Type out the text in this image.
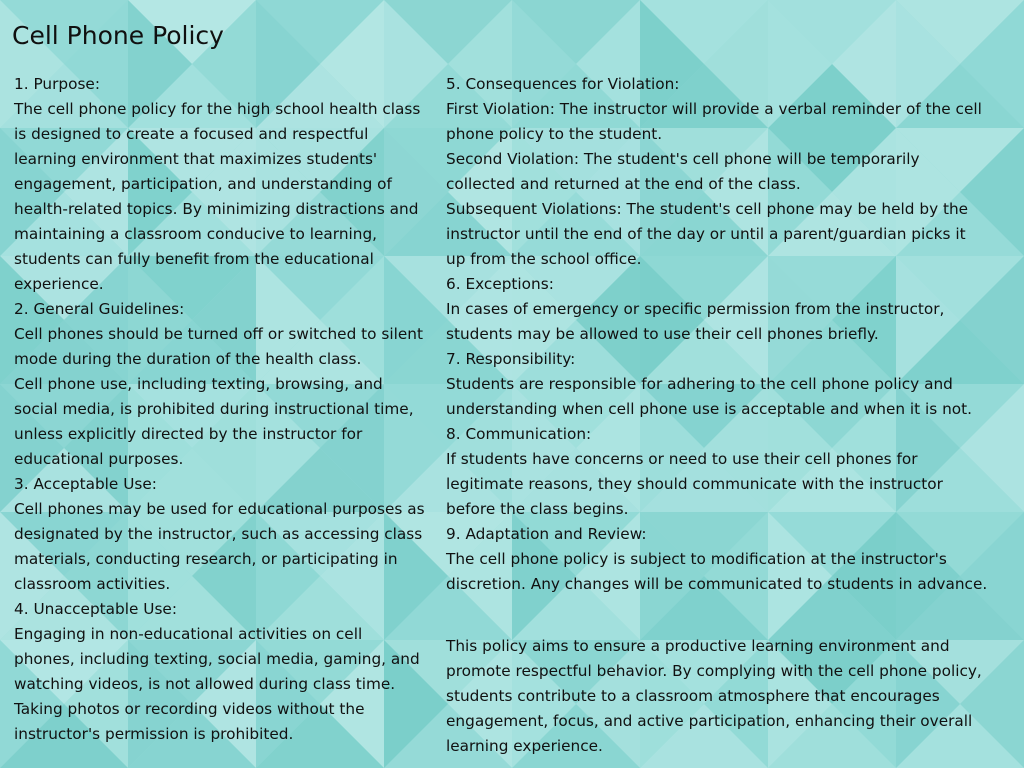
Cell Phone Policy
1. Purpose:
The cell phone policy for the high school health class
is designed to create a focused and respectful
learning environment that maximizes students'
engagement, participation, and understanding of
health-related topics. By minimizing distractions and
maintaining a classroom conducive to learning,
students can fully benefit from the educational
experience.
2. General Guidelines:
Cell phones should be turned off or switched to silent
mode during the duration of the health class.
Cell phone use, including texting, browsing, and
social media, is prohibited during instructional time,
unless explicitly directed by the instructor for
educational purposes.
3. Acceptable Use:
Cell phones may be used for educational purposes as
designated by the instructor, such as accessing class
materials, conducting research, or participating in
classroom activities.
4. Unacceptable Use:
Engaging in non-educational activities on cell
phones, including texting, social media, gaming, and
watching videos, is not allowed during class time.
Taking photos or recording videos without the
instructor's permission is prohibited.
5. Consequences for Violation:
First Violation: The instructor will provide a verbal reminder of the cell
phone policy to the student.
Second Violation: The student's cell phone will be temporarily
collected and returned at the end of the class.
Subsequent Violations: The student's cell phone may be held by the
instructor until the end of the day or until a parent/guardian picks it
up from the school office.
6. Exceptions:
In cases of emergency or specific permission from the instructor,
students may be allowed to use their cell phones briefly.
7. Responsibility:
Students are responsible for adhering to the cell phone policy and
understanding when cell phone use is acceptable and when it is not.
8. Communication:
If students have concerns or need to use their cell phones for
legitimate reasons, they should communicate with the instructor
before the class begins.
9. Adaptation and Review:
The cell phone policy is subject to modification at the instructor's
discretion. Any changes will be communicated to students in advance.
This policy aims to ensure a productive learning environment and
promote respectful behavior. By complying with the cell phone policy,
students contribute to a classroom atmosphere that encourages
engagement, focus, and active participation, enhancing their overall
learning experience.
